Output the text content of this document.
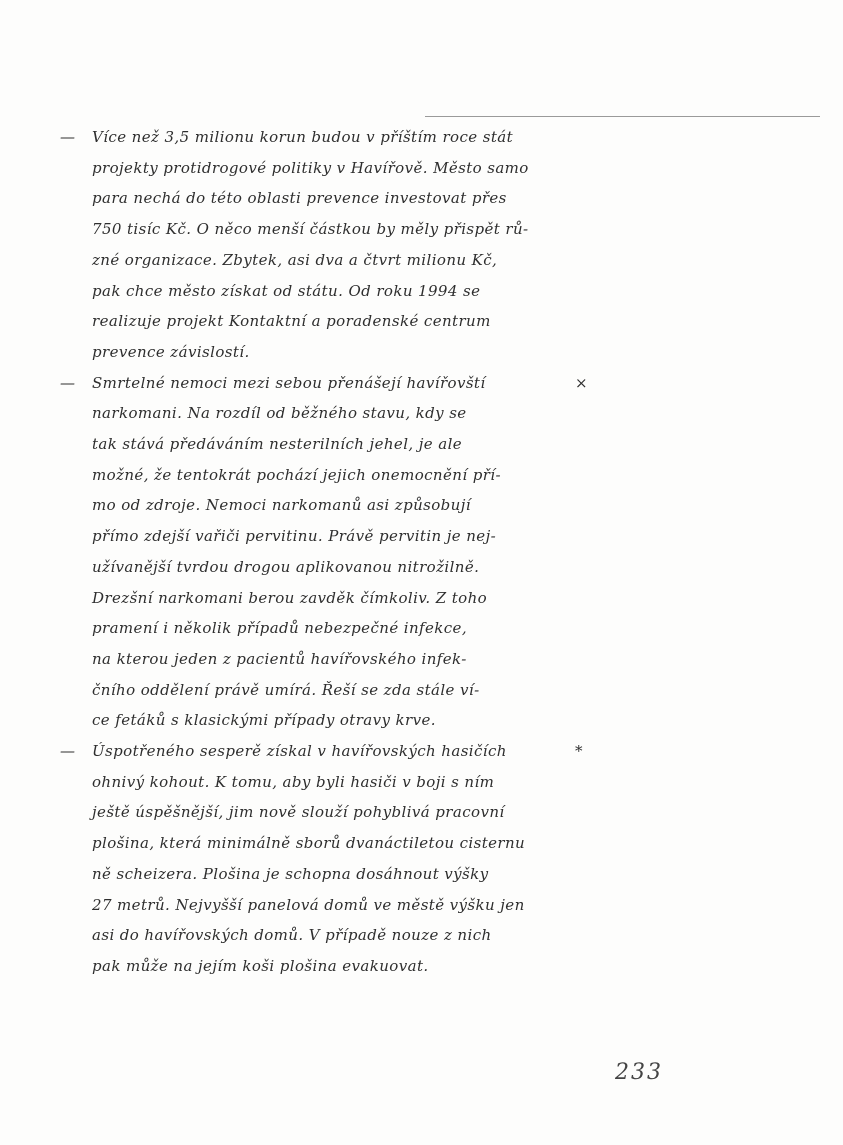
— Více než 3,5 milionu korun budou v příštím roce stát
projekty protidrogové politiky v Havířově. Město samo
para nechá do této oblasti prevence investovat přes
750 tisíc Kč. O něco menší částkou by měly přispět rů-
zné organizace. Zbytek, asi dva a čtvrt milionu Kč,
pak chce město získat od státu. Od roku 1994 se
realizuje projekt Kontaktní a poradenské centrum
prevence závislostí.
—	×
Smrtelné nemoci mezi sebou přenášejí havířovští
narkomani. Na rozdíl od běžného stavu, kdy se
tak stává předáváním nesterilních jehel, je ale
možné, že tentokrát pochází jejich onemocnění pří-
mo od zdroje. Nemoci narkomanů asi způsobují
přímo zdejší vařiči pervitinu. Právě pervitin je nej-
užívanější tvrdou drogou aplikovanou nitrožilně.
Drezšní narkomani berou zavděk čímkoliv. Z toho
pramení i několik případů nebezpečné infekce,
na kterou jeden z pacientů havířovského infek-
čního oddělení právě umírá. Řeší se zda stále ví-
ce fetáků s klasickými případy otravy krve.
—	*
Úspotřeného sesperě získal v havířovských hasičích
ohnivý kohout. K tomu, aby byli hasiči v boji s ním
ještě úspěšnější, jim nově slouží pohyblivá pracovní
plošina, která minimálně sborů dvanáctiletou cisternu
ně scheizera. Plošina je schopna dosáhnout výšky
27 metrů. Nejvyšší panelová domů ve městě výšku jen
asi do havířovských domů. V případě nouze z nich
pak může na jejím koši plošina evakuovat.
233
